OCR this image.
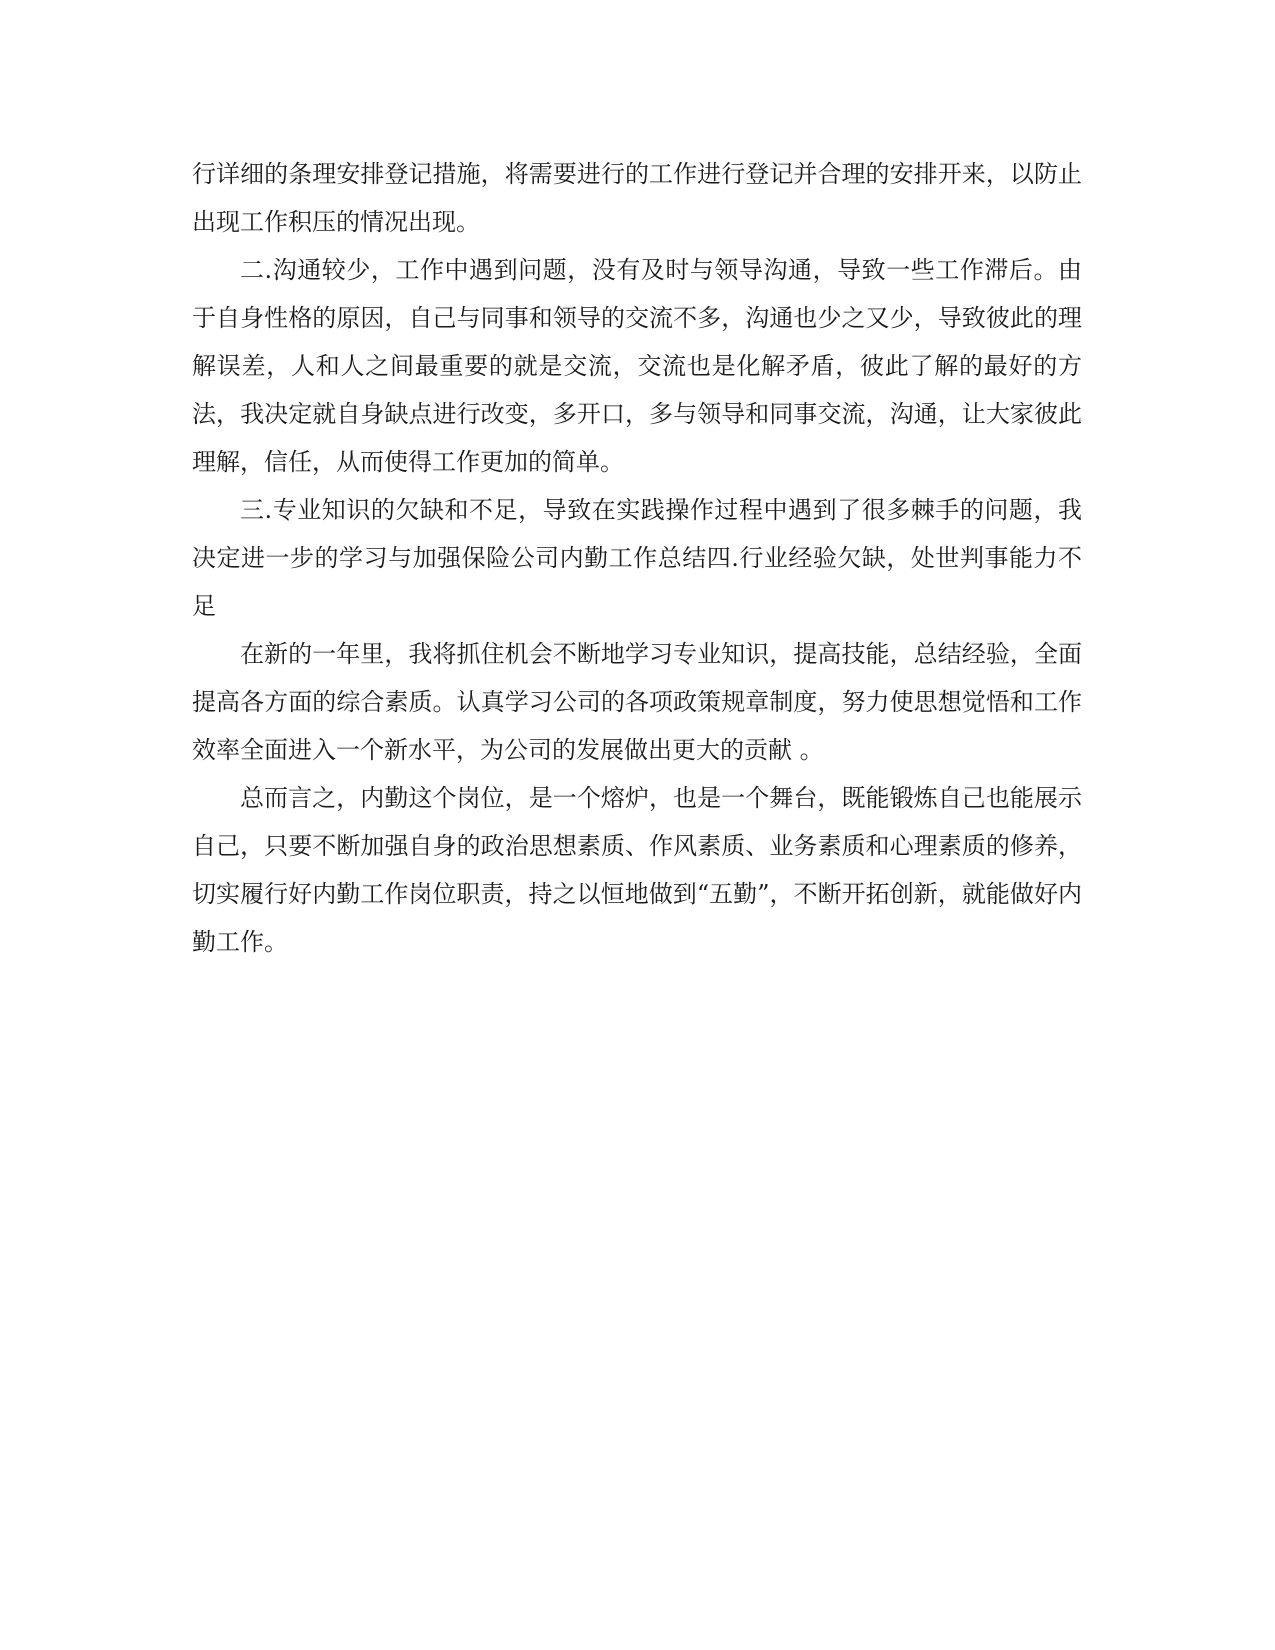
行详细的条理安排登记措施，将需要进行的工作进行登记并合理的安排开来，以防止出现工作积压的情况出现。

二.沟通较少，工作中遇到问题，没有及时与领导沟通，导致一些工作滞后。由于自身性格的原因，自己与同事和领导的交流不多，沟通也少之又少，导致彼此的理解误差，人和人之间最重要的就是交流，交流也是化解矛盾，彼此了解的最好的方法，我决定就自身缺点进行改变，多开口，多与领导和同事交流，沟通，让大家彼此理解，信任，从而使得工作更加的简单。

三.专业知识的欠缺和不足，导致在实践操作过程中遇到了很多棘手的问题，我决定进一步的学习与加强保险公司内勤工作总结四.行业经验欠缺，处世判事能力不足

在新的一年里，我将抓住机会不断地学习专业知识，提高技能，总结经验，全面提高各方面的综合素质。认真学习公司的各项政策规章制度，努力使思想觉悟和工作效率全面进入一个新水平，为公司的发展做出更大的贡献 。

总而言之，内勤这个岗位，是一个熔炉，也是一个舞台，既能锻炼自己也能展示自己，只要不断加强自身的政治思想素质、作风素质、业务素质和心理素质的修养，切实履行好内勤工作岗位职责，持之以恒地做到“五勤”，不断开拓创新，就能做好内勤工作。
